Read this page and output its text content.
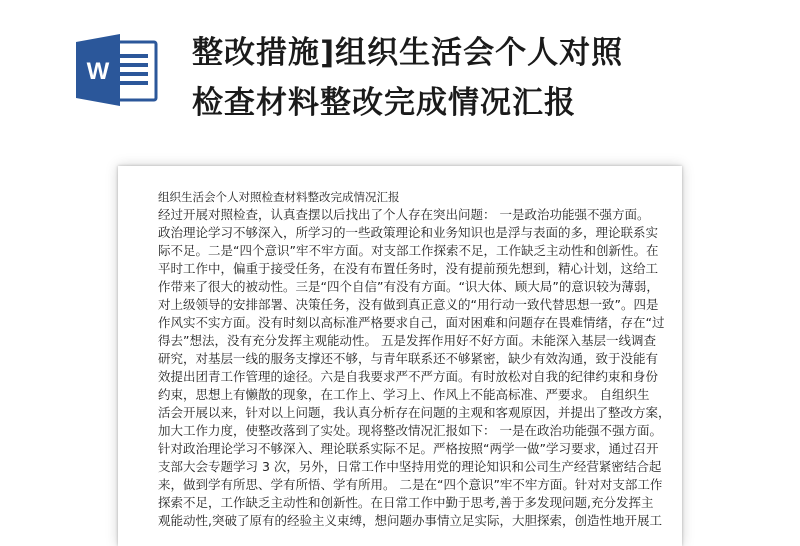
W
整改措施]组织生活会个人对照
检查材料整改完成情况汇报
组织生活会个人对照检查材料整改完成情况汇报
经过开展对照检查，认真查摆以后找出了个人存在突出问题： 一是政治功能强不强方面。
政治理论学习不够深入，所学习的一些政策理论和业务知识也是浮与表面的多，理论联系实
际不足。二是“四个意识”牢不牢方面。对支部工作探索不足，工作缺乏主动性和创新性。在
平时工作中，偏重于接受任务，在没有布置任务时，没有提前预先想到，精心计划，这给工
作带来了很大的被动性。三是“四个自信”有没有方面。“识大体、顾大局”的意识较为薄弱，
对上级领导的安排部署、决策任务，没有做到真正意义的“用行动一致代替思想一致”。四是
作风实不实方面。没有时刻以高标准严格要求自己，面对困难和问题存在畏难情绪，存在“过
得去”想法，没有充分发挥主观能动性。 五是发挥作用好不好方面。未能深入基层一线调查
研究，对基层一线的服务支撑还不够，与青年联系还不够紧密，缺少有效沟通，致于没能有
效提出团青工作管理的途径。六是自我要求严不严方面。有时放松对自我的纪律约束和身份
约束，思想上有懒散的现象，在工作上、学习上、作风上不能高标准、严要求。 自组织生
活会开展以来，针对以上问题，我认真分析存在问题的主观和客观原因，并提出了整改方案，
加大工作力度，使整改落到了实处。现将整改情况汇报如下： 一是在政治功能强不强方面。
针对政治理论学习不够深入、理论联系实际不足。严格按照“两学一做”学习要求，通过召开
支部大会专题学习 3 次，另外，日常工作中坚持用党的理论知识和公司生产经营紧密结合起
来，做到学有所思、学有所悟、学有所用。 二是在“四个意识”牢不牢方面。针对对支部工作
探索不足，工作缺乏主动性和创新性。在日常工作中勤于思考,善于多发现问题,充分发挥主
观能动性,突破了原有的经验主义束缚，想问题办事情立足实际，大胆探索，创造性地开展工
